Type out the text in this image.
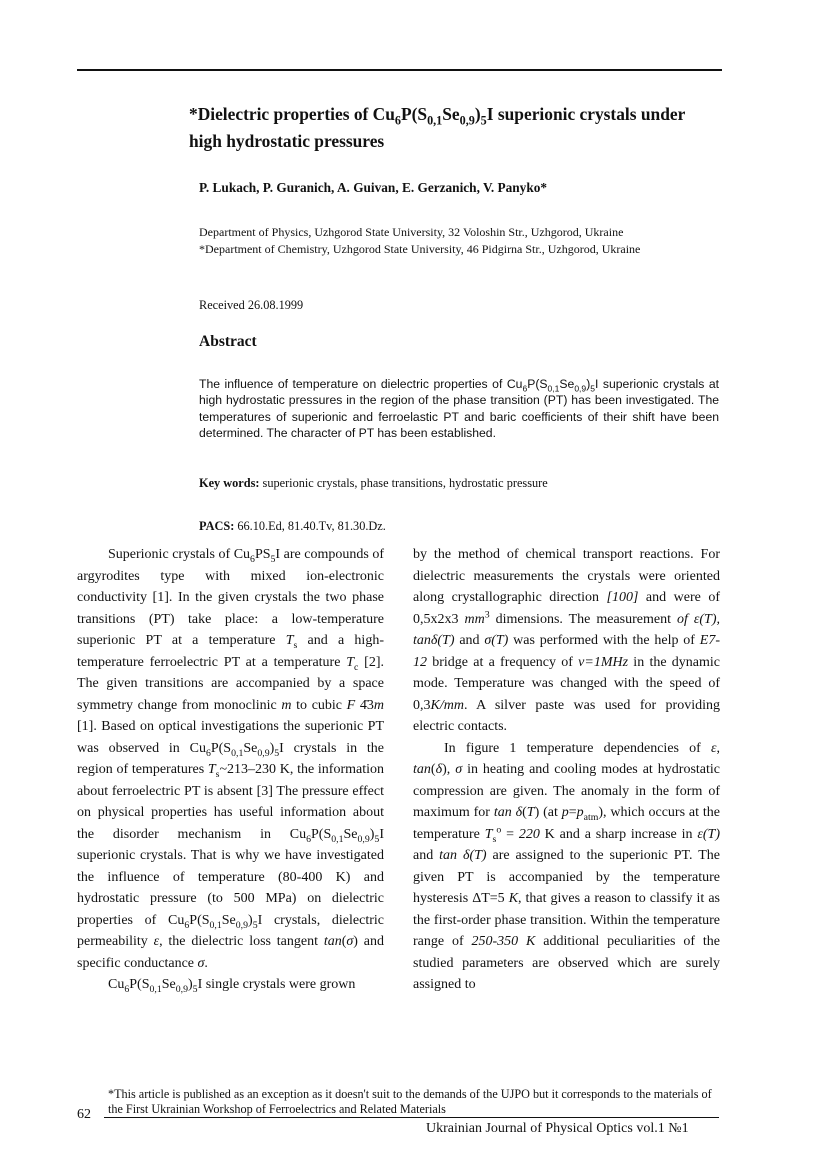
*Dielectric properties of $Cu_6P(S_{0,1}Se_{0,9})_5I$ superionic crystals under high hydrostatic pressures
P. Lukach, P. Guranich, A. Guivan, E. Gerzanich, V. Panyko*
Department of Physics, Uzhgorod State University, 32 Voloshin Str., Uzhgorod, Ukraine
*Department of Chemistry, Uzhgorod State University, 46 Pidgirna Str., Uzhgorod, Ukraine
Received 26.08.1999
Abstract
The influence of temperature on dielectric properties of $Cu_6P(S_{0,1}Se_{0,9})_5I$ superionic crystals at high hydrostatic pressures in the region of the phase transition (PT) has been investigated. The temperatures of superionic and ferroelastic PT and baric coefficients of their shift have been determined. The character of PT has been established.
Key words: superionic crystals, phase transitions, hydrostatic pressure
PACS: 66.10.Ed, 81.40.Tv, 81.30.Dz.

Superionic crystals of $Cu_6PS_5I$ are compounds of argyrodites type with mixed ion-electronic conductivity [1]. In the given crystals the two phase transitions (PT) take place: a low-temperature superionic PT at a temperature $T_s$ and a high-temperature ferroelectric PT at a temperature $T_c$ [2]. The given transitions are accompanied by a space symmetry change from monoclinic m to cubic F 4̄3m [1]. Based on optical investigations the superionic PT was observed in $Cu_6P(S_{0,1}Se_{0,9})_5I$ crystals in the region of temperatures $T_s\sim 213-230$ K, the information about ferroelectric PT is absent [3] The pressure effect on physical properties has useful information about the disorder mechanism in $Cu_6P(S_{0,1}Se_{0,9})_5I$ superionic crystals. That is why we have investigated the influence of temperature (80-400 K) and hydrostatic pressure (to 500 MPa) on dielectric properties of $Cu_6P(S_{0,1}Se_{0,9})_5I$ crystals, dielectric permeability ε, the dielectric loss tangent tan(σ) and specific conductance σ.

$Cu_6P(S_{0,1}Se_{0,9})_5I$ single crystals were grown

by the method of chemical transport reactions. For dielectric measurements the crystals were oriented along crystallographic direction [100] and were of 0,5x2x3 $mm^3$ dimensions. The measurement of ε(T), tanδ(T) and σ(T) was performed with the help of E7-12 bridge at a frequency of ν=1MHz in the dynamic mode. Temperature was changed with the speed of 0,3K/mm. A silver paste was used for providing electric contacts.

In figure 1 temperature dependencies of ε, tan(δ), σ in heating and cooling modes at hydrostatic compression are given. The anomaly in the form of maximum for tan δ(T) (at $p=p_{atm}$), which occurs at the temperature $T_s^o = 220$ K and a sharp increase in ε(T) and tan δ(T) are assigned to the superionic PT. The given PT is accompanied by the temperature hysteresis ΔT=5 K, that gives a reason to classify it as the first-order phase transition. Within the temperature range of 250-350 K additional peculiarities of the studied parameters are observed which are surely assigned to

*This article is published as an exception as it doesn't suit to the demands of the UJPO but it corresponds to the materials of the First Ukrainian Workshop of Ferroelectrics and Related Materials
62
Ukrainian Journal of Physical Optics vol.1 №1
